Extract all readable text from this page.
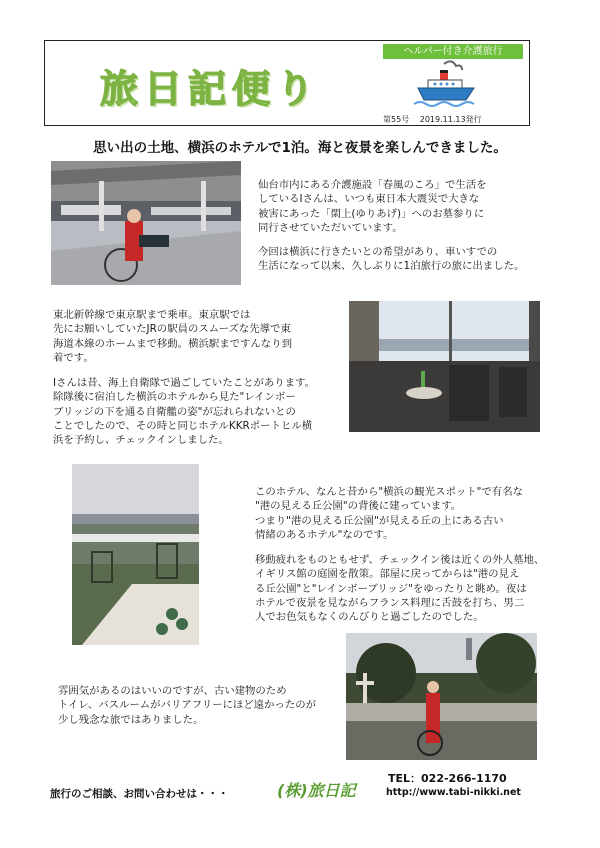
旅日記便り
ヘルパー付き介護旅行
第55号 2019.11.13発行
思い出の土地、横浜のホテルで1泊。海と夜景を楽しんできました。

仙台市内にある介護施設「春風のころ」で生活を

しているIさんは、いつも東日本大震災で大きな

被害にあった「閖上(ゆりあげ)」へのお墓参りに

同行させていただいています。

今回は横浜に行きたいとの希望があり、車いすでの

生活になって以来、久しぶりに1泊旅行の旅に出ました。

東北新幹線で東京駅まで乗車。東京駅では

先にお願いしていたJRの駅員のスムーズな先導で東

海道本線のホームまで移動。横浜駅まですんなり到

着です。

Iさんは昔、海上自衛隊で過ごしていたことがあります。

除隊後に宿泊した横浜のホテルから見た"レインボー

ブリッジの下を通る自衛艦の姿"が忘れられないとの

ことでしたので、その時と同じホテルKKRポートヒル横

浜を予約し、チェックインしました。

このホテル、なんと昔から"横浜の観光スポット"で有名な

"港の見える丘公園"の背後に建っています。

つまり"港の見える丘公園"が見える丘の上にある古い

情緒のあるホテル"なのです。

移動疲れをものともせず、チェックイン後は近くの外人墓地、

イギリス館の庭園を散策。部屋に戻ってからは"港の見え

る丘公園"と"レインボーブリッジ"をゆったりと眺め。夜は

ホテルで夜景を見ながらフランス料理に舌鼓を打ち、男二

人でお色気もなくのんびりと過ごしたのでした。

雰囲気があるのはいいのですが、古い建物のため

トイレ、バスルームがバリアフリーにほど遠かったのが

少し残念な旅ではありました。

旅行のご相談、お問い合わせは・・・	(株)旅日記
TEL：022-266-1170
http://www.tabi-nikki.net
